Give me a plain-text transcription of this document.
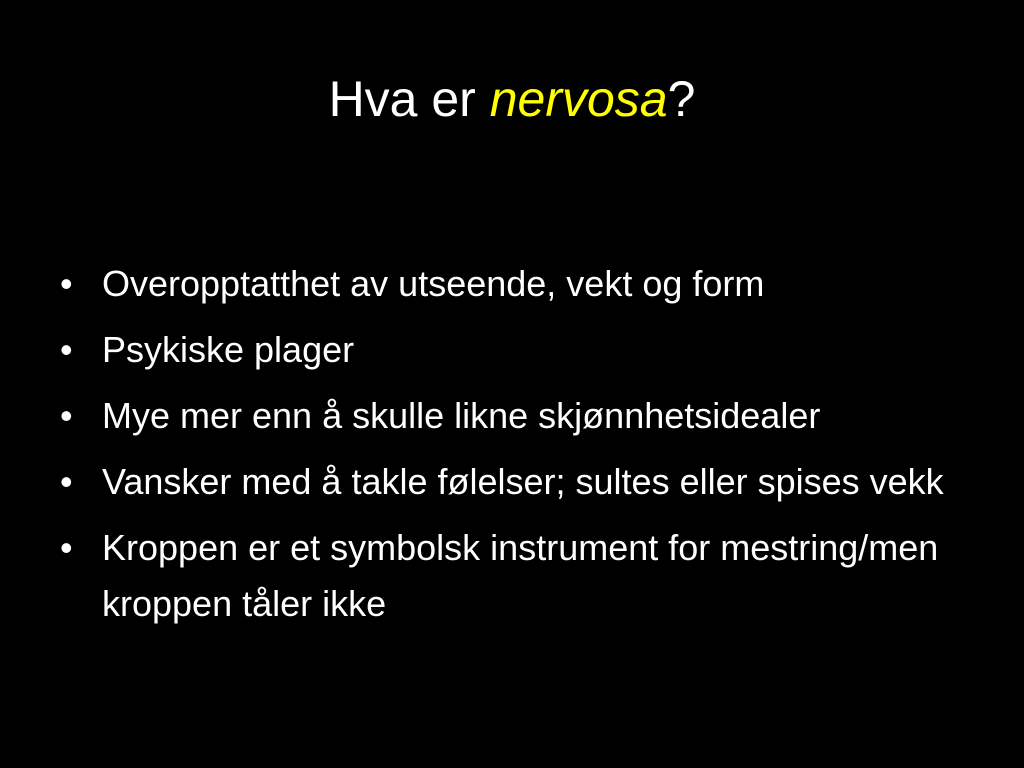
Hva er nervosa?
• Overopptatthet av utseende, vekt og form
• Psykiske plager
• Mye mer enn å skulle likne skjønnhetsidealer
• Vansker med å takle følelser; sultes eller spises vekk
• Kroppen er et symbolsk instrument for mestring/men kroppen tåler ikke
